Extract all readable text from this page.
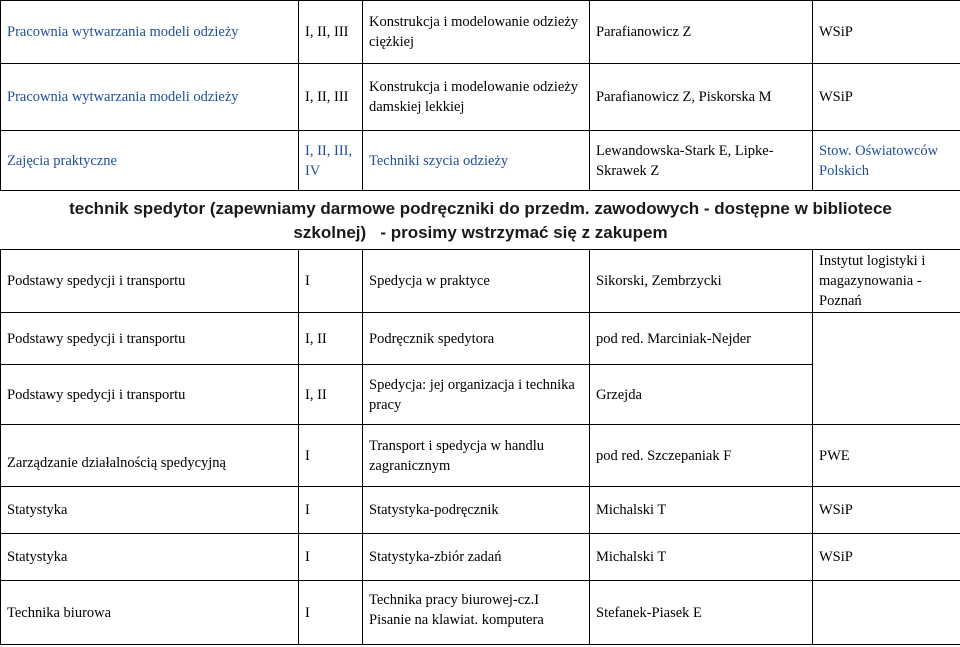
Pracownia wytwarzania modeli odzieży	I, II, III	Konstrukcja i modelowanie odzieży ciężkiej	Parafianowicz Z	WSiP

Pracownia wytwarzania modeli odzieży	I, II, III	Konstrukcja i modelowanie odzieży damskiej lekkiej	Parafianowicz Z, Piskorska M	WSiP
Zajęcia praktyczne	I, II, III, IV	Techniki szycia odzieży	Lewandowska-Stark E, Lipke-Skrawek Z	Stow. Oświatowców Polskich
technik spedytor (zapewniamy darmowe podręczniki do przedm. zawodowych - dostępne w bibliotece szkolnej)   - prosimy wstrzymać się z zakupem				
Podstawy spedycji i transportu	I	Spedycja w praktyce	Sikorski, Zembrzycki	Instytut logistyki i magazynowania - Poznań
Podstawy spedycji i transportu	I, II	Podręcznik spedytora	pod red. Marciniak-Nejder	
Podstawy spedycji i transportu	I, II	Spedycja: jej organizacja i technika pracy	Grzejda	

Zarządzanie działalnością spedycyjną	I	Transport i spedycja w handlu zagranicznym	pod red. Szczepaniak F	PWE
Statystyka	I	Statystyka-podręcznik	Michalski T	WSiP
Statystyka	I	Statystyka-zbiór zadań	Michalski T	WSiP
Technika biurowa	I	Technika pracy biurowej-cz.I Pisanie na klawiat. komputera	Stefanek-Piasek E	
